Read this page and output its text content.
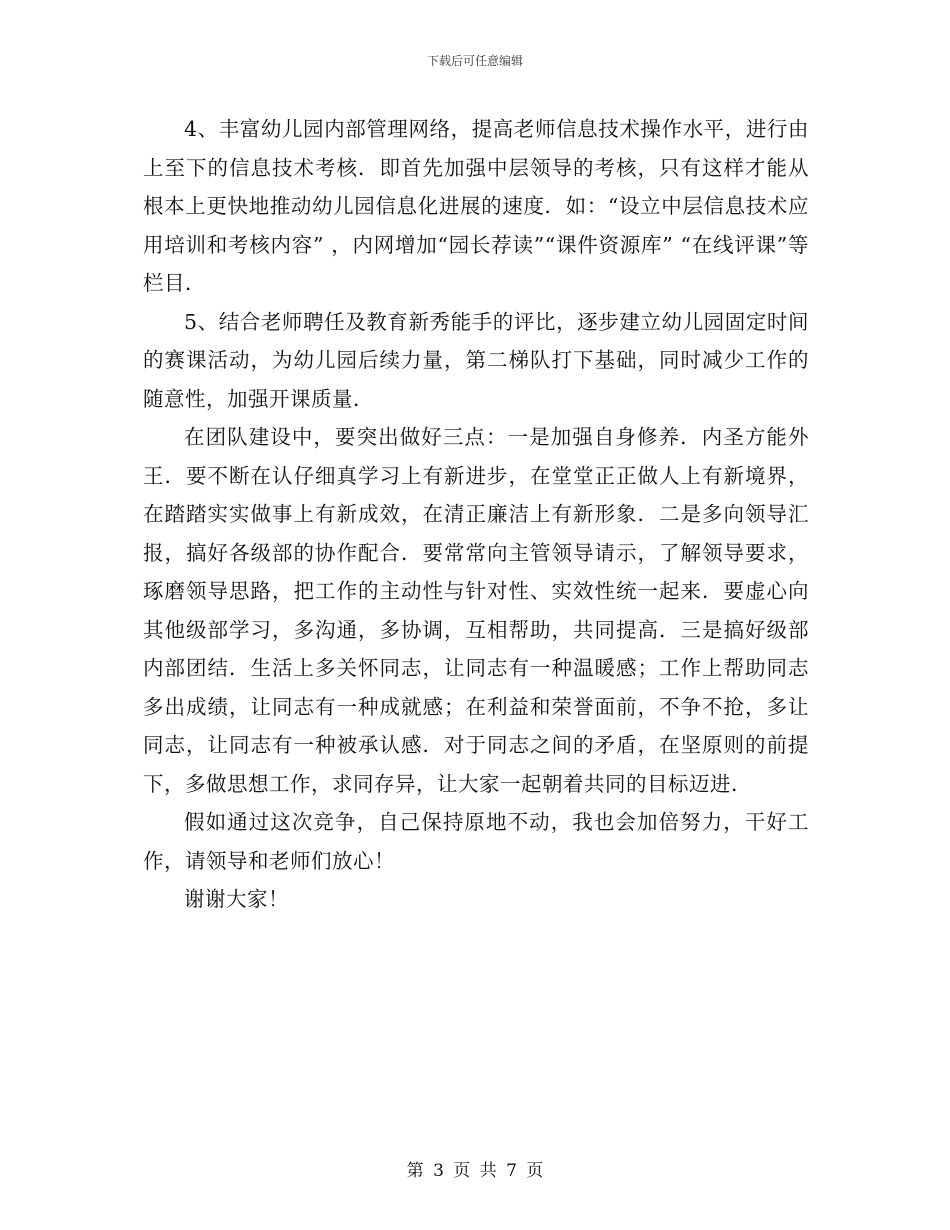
下载后可任意编辑

4、丰富幼儿园内部管理网络，提高老师信息技术操作水平，进行由上至下的信息技术考核．即首先加强中层领导的考核，只有这样才能从根本上更快地推动幼儿园信息化进展的速度．如：“设立中层信息技术应用培训和考核内容” ，内网增加“园长荐读”“课件资源库” “在线评课”等栏目．

5、结合老师聘任及教育新秀能手的评比，逐步建立幼儿园固定时间的赛课活动，为幼儿园后续力量，第二梯队打下基础，同时减少工作的随意性，加强开课质量．

在团队建设中，要突出做好三点：一是加强自身修养．内圣方能外王．要不断在认仔细真学习上有新进步，在堂堂正正做人上有新境界，在踏踏实实做事上有新成效，在清正廉洁上有新形象．二是多向领导汇报，搞好各级部的协作配合．要常常向主管领导请示，了解领导要求，琢磨领导思路，把工作的主动性与针对性、实效性统一起来．要虚心向其他级部学习，多沟通，多协调，互相帮助，共同提高．三是搞好级部内部团结．生活上多关怀同志，让同志有一种温暖感；工作上帮助同志多出成绩，让同志有一种成就感；在利益和荣誉面前，不争不抢，多让同志，让同志有一种被承认感．对于同志之间的矛盾，在坚原则的前提下，多做思想工作，求同存异，让大家一起朝着共同的目标迈进．

假如通过这次竞争，自己保持原地不动，我也会加倍努力，干好工作，请领导和老师们放心！

谢谢大家！

第 3 页 共 7 页
